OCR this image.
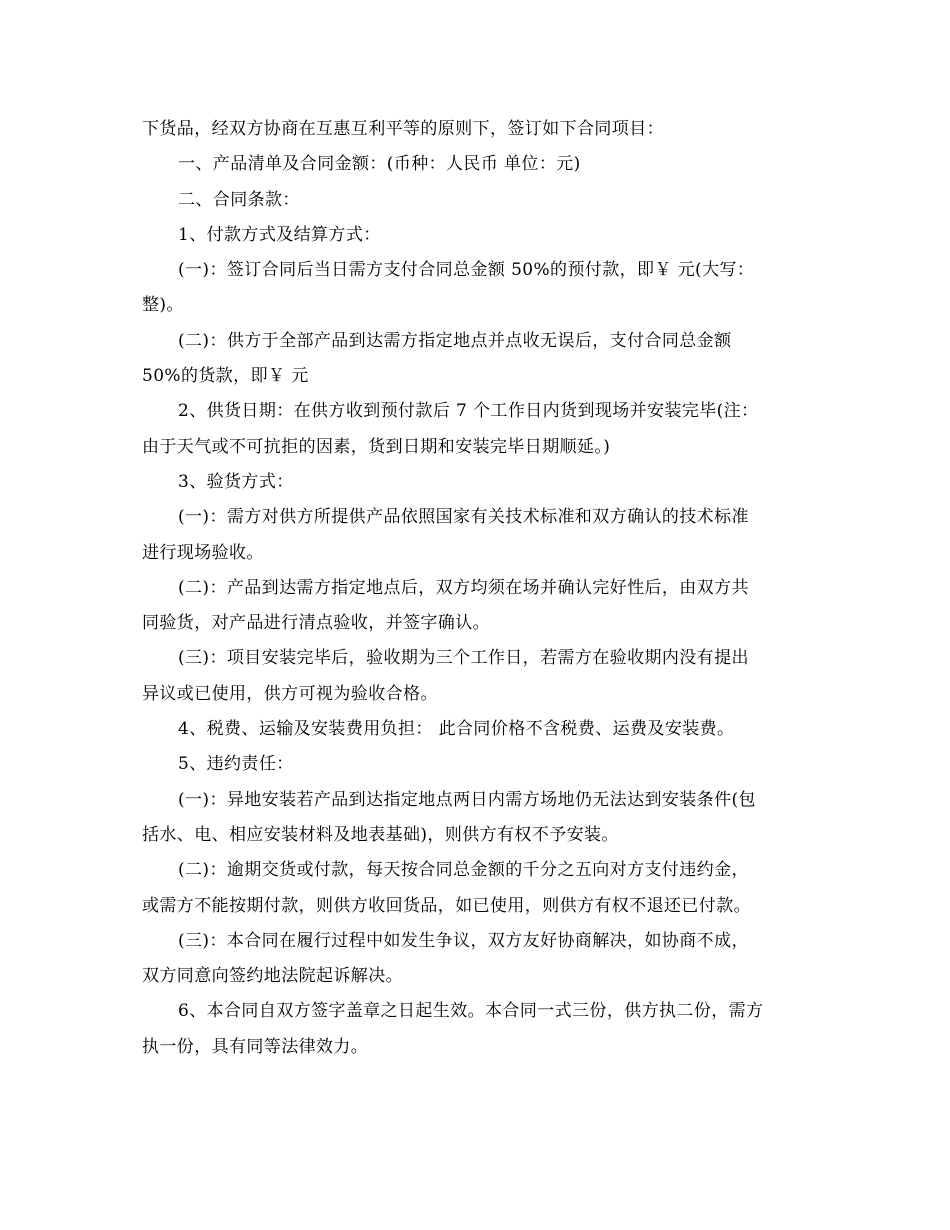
下货品，经双方协商在互惠互利平等的原则下，签订如下合同项目：
一、产品清单及合同金额：(币种：人民币 单位：元)
二、合同条款：
1、付款方式及结算方式：
(一)：签订合同后当日需方支付合同总金额 50%的预付款，即￥ 元(大写：
整)。
(二)：供方于全部产品到达需方指定地点并点收无误后，支付合同总金额
50%的货款，即￥ 元
2、供货日期：在供方收到预付款后 7 个工作日内货到现场并安装完毕(注：
由于天气或不可抗拒的因素，货到日期和安装完毕日期顺延。)
3、验货方式：
(一)：需方对供方所提供产品依照国家有关技术标准和双方确认的技术标准
进行现场验收。
(二)：产品到达需方指定地点后，双方均须在场并确认完好性后，由双方共
同验货，对产品进行清点验收，并签字确认。
(三)：项目安装完毕后，验收期为三个工作日，若需方在验收期内没有提出
异议或已使用，供方可视为验收合格。
4、税费、运输及安装费用负担： 此合同价格不含税费、运费及安装费。
5、违约责任：
(一)：异地安装若产品到达指定地点两日内需方场地仍无法达到安装条件(包
括水、电、相应安装材料及地表基础)，则供方有权不予安装。
(二)：逾期交货或付款，每天按合同总金额的千分之五向对方支付违约金，
或需方不能按期付款，则供方收回货品，如已使用，则供方有权不退还已付款。
(三)：本合同在履行过程中如发生争议，双方友好协商解决，如协商不成，
双方同意向签约地法院起诉解决。
6、本合同自双方签字盖章之日起生效。本合同一式三份，供方执二份，需方
执一份，具有同等法律效力。
